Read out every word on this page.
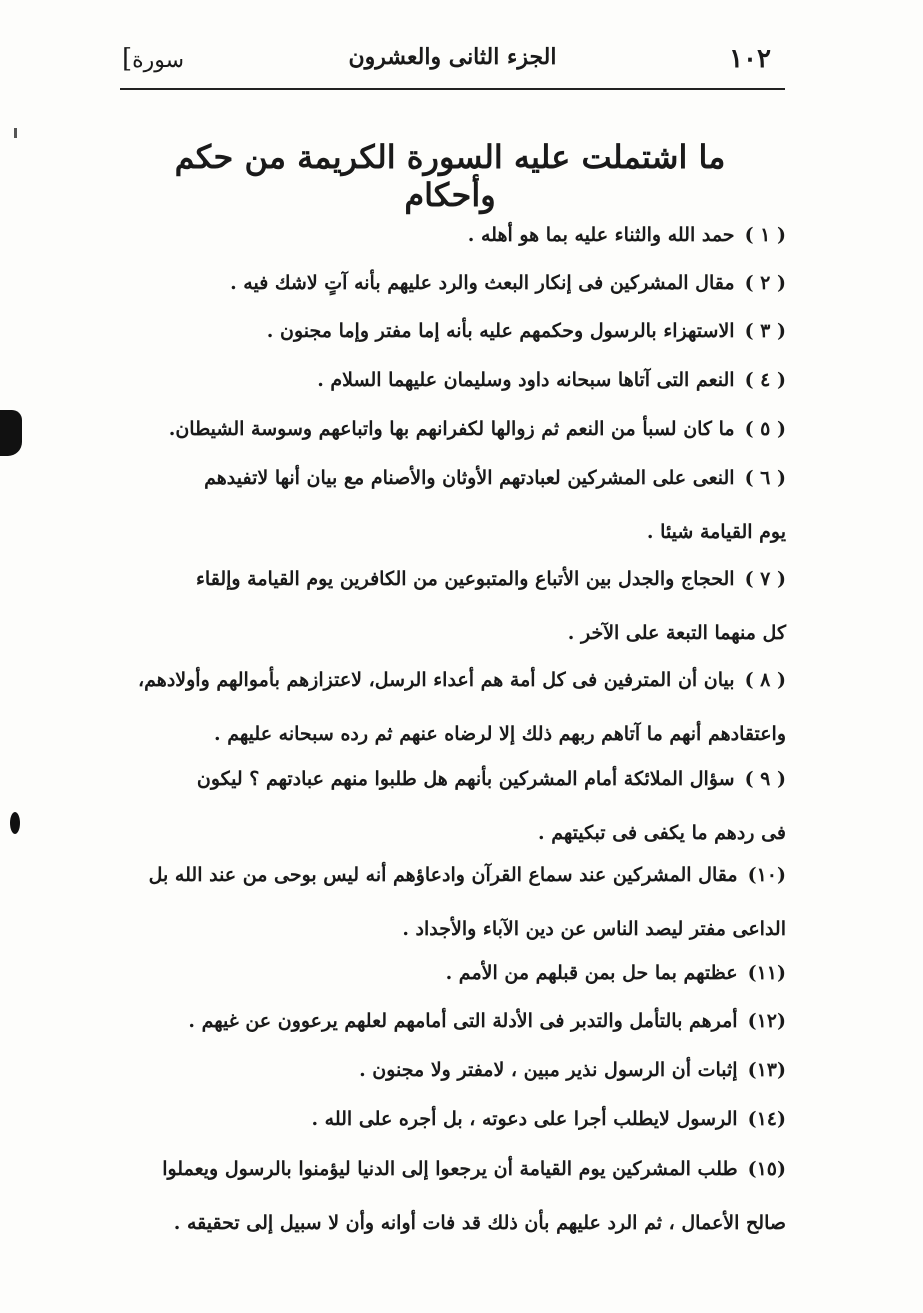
١٠٢
الجزء الثانى والعشرون
[سورة
ما اشتملت عليه السورة الكريمة من حكم وأحكام
( ١ )حمد الله والثناء عليه بما هو أهله .
( ٢ )مقال المشركين فى إنكار البعث والرد عليهم بأنه آتٍ لاشك فيه .
( ٣ )الاستهزاء بالرسول وحكمهم عليه بأنه إما مفتر وإما مجنون .
( ٤ )النعم التى آتاها سبحانه داود وسليمان عليهما السلام .
( ٥ )ما كان لسبأ من النعم ثم زوالها لكفرانهم بها واتباعهم وسوسة الشيطان.
( ٦ )النعى على المشركين لعبادتهم الأوثان والأصنام مع بيان أنها لاتفيدهم
يوم القيامة شيئا .
( ٧ )الحجاج والجدل بين الأتباع والمتبوعين من الكافرين يوم القيامة وإلقاء
كل منهما التبعة على الآخر .
( ٨ )بيان أن المترفين فى كل أمة هم أعداء الرسل، لاعتزازهم بأموالهم وأولادهم،
واعتقادهم أنهم ما آتاهم ربهم ذلك إلا لرضاه عنهم ثم رده سبحانه عليهم .
( ٩ )سؤال الملائكة أمام المشركين بأنهم هل طلبوا منهم عبادتهم ؟ ليكون
فى ردهم ما يكفى فى تبكيتهم .
(١٠)مقال المشركين عند سماع القرآن وادعاؤهم أنه ليس بوحى من عند الله بل
الداعى مفتر ليصد الناس عن دين الآباء والأجداد .
(١١)عظتهم بما حل بمن قبلهم من الأمم .
(١٢)أمرهم بالتأمل والتدبر فى الأدلة التى أمامهم لعلهم يرعوون عن غيهم .
(١٣)إثبات أن الرسول نذير مبين ، لامفتر ولا مجنون .
(١٤)الرسول لايطلب أجرا على دعوته ، بل أجره على الله .
(١٥)طلب المشركين يوم القيامة أن يرجعوا إلى الدنيا ليؤمنوا بالرسول ويعملوا
صالح الأعمال ، ثم الرد عليهم بأن ذلك قد فات أوانه وأن لا سبيل إلى تحقيقه .
